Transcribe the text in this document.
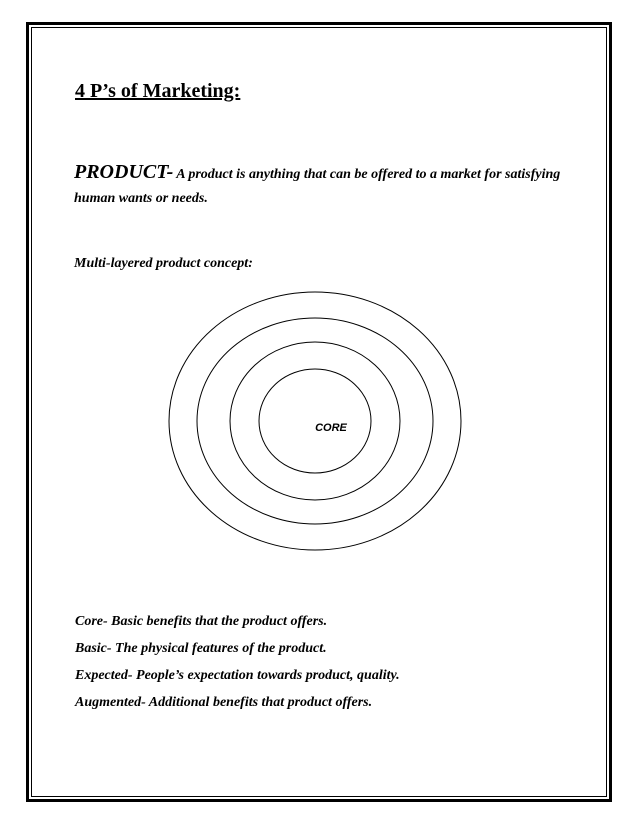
4 P’s of Marketing:

PRODUCT- A product is anything that can be offered to a market for satisfying human wants or needs.

Multi-layered product concept:

CORE
Core- Basic benefits that the product offers.
Basic- The physical features of the product.
Expected- People’s expectation towards product, quality.
Augmented- Additional benefits that product offers.
